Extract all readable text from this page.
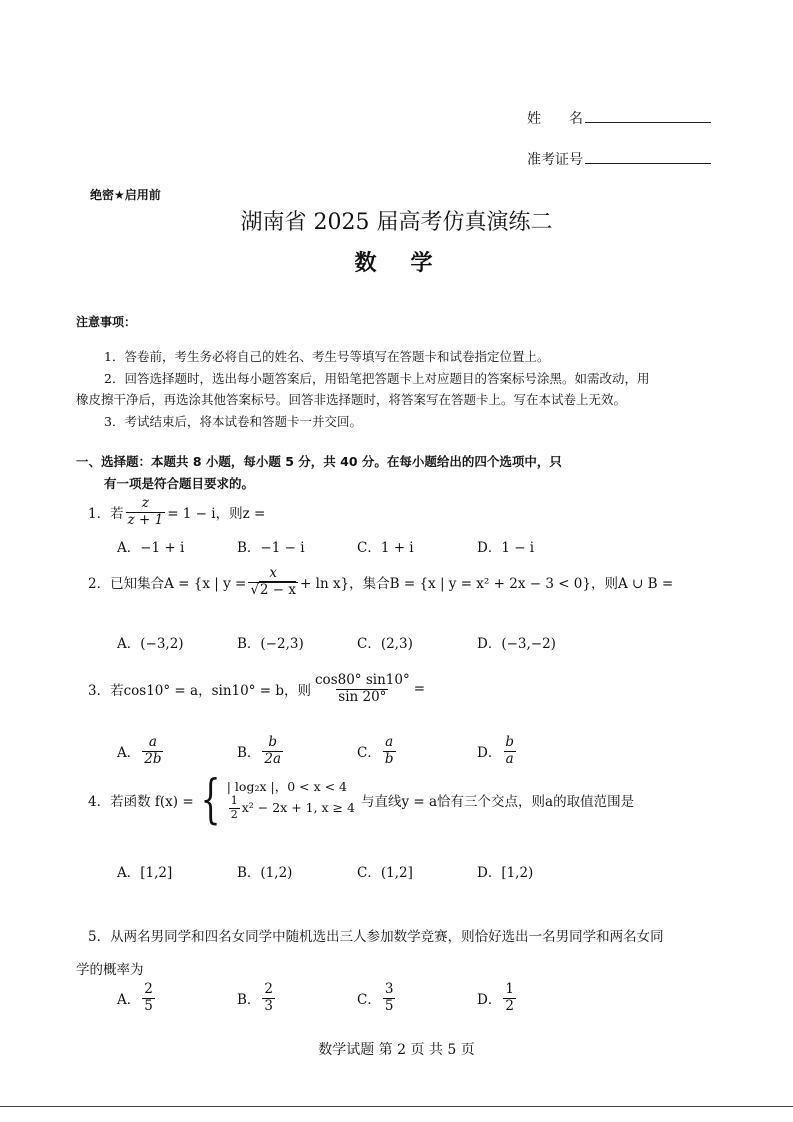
姓　　名
准考证号
绝密★启用前
湖南省 2025 届高考仿真演练二
数　学
注意事项：
1．答卷前，考生务必将自己的姓名、考生号等填写在答题卡和试卷指定位置上。
2．回答选择题时，选出每小题答案后，用铅笔把答题卡上对应题目的答案标号涂黑。如需改动，用
橡皮擦干净后，再选涂其他答案标号。回答非选择题时，将答案写在答题卡上。写在本试卷上无效。
3．考试结束后，将本试卷和答题卡一并交回。
一、选择题：本题共 8 小题，每小题 5 分，共 40 分。在每小题给出的四个选项中，只
有一项是符合题目要求的。
1． 若 $\frac{z}{z + 1} = 1 - i$，则z =
A．−1 + i	B．−1 − i	C．1 + i	D．1 − i
2． 已知集合A = {x | $y = \frac{x}{√2 - x} + \ln x$}，集合B = {x | y = x² + 2x − 3 < 0}，则A ∪ B =
A．(−3,2)	B．(−2,3)	C．(2,3)	D．(−3,−2)
3． 若cos10° = a，sin10° = b，则 $\frac{\cos 80^\circ \sin 10^\circ}{\sin 20^\circ}$ =
A． $\frac{a}{2b}$	B． $\frac{b}{2a}$	C． $\frac{a}{b}$	D． $\frac{b}{a}$
4． 若函数 f(x) = { | log₂x |，0 < x < 4
$\frac{1}{2} x^2 - 2x + 1$, x ≥ 4 与直线y = a恰有三个交点，则a的取值范围是
A．[1,2]	B．(1,2)	C．(1,2]	D．[1,2)
5．从两名男同学和四名女同学中随机选出三人参加数学竞赛，则恰好选出一名男同学和两名女同
学的概率为
A． $\frac{2}{5}$	B． $\frac{2}{3}$	C． $\frac{3}{5}$	D． $\frac{1}{2}$
数学试题 第 2 页 共 5 页
